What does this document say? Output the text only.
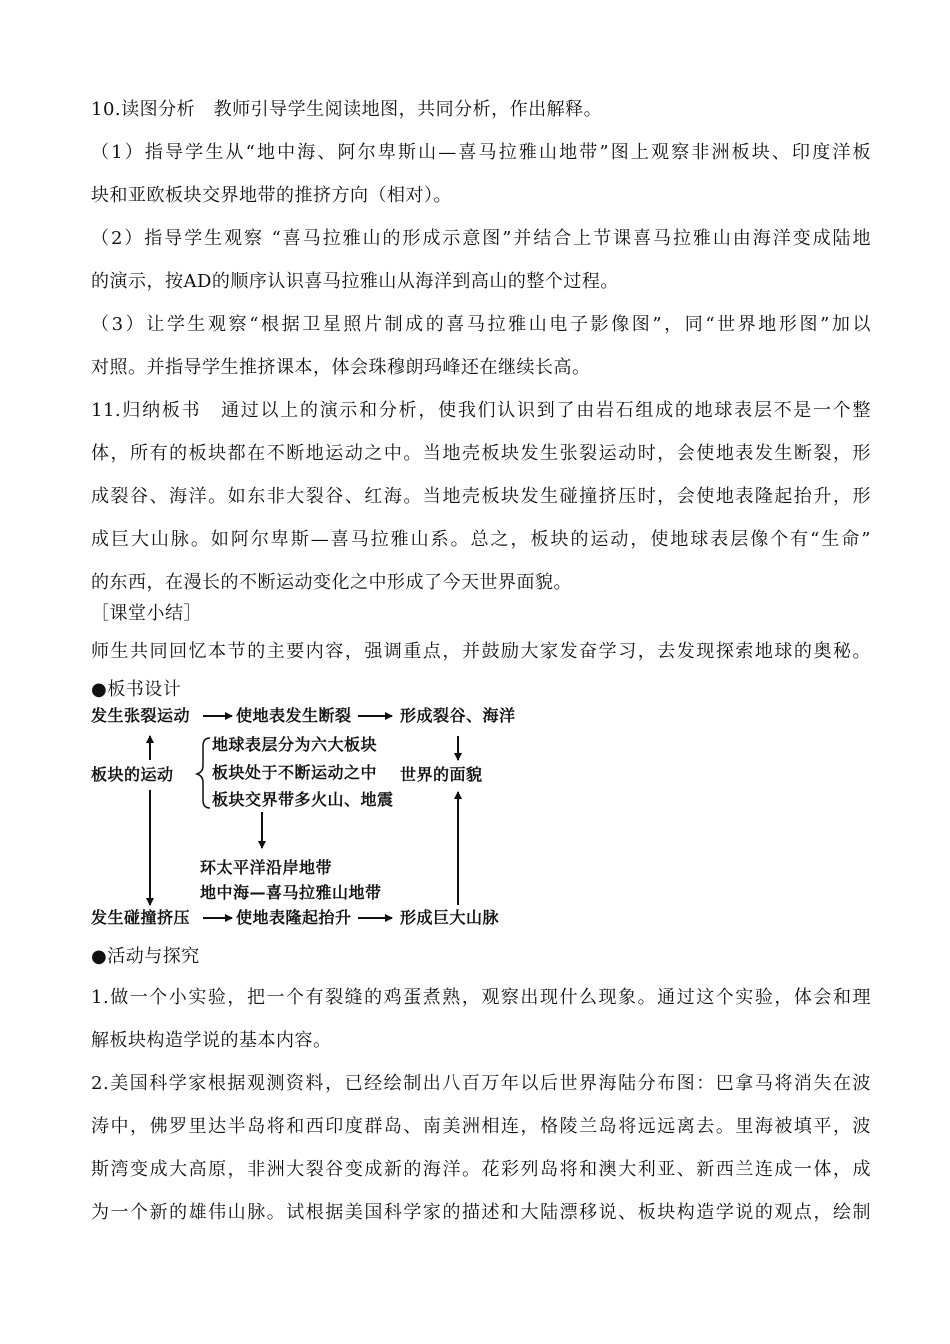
10.读图分析　教师引导学生阅读地图，共同分析，作出解释。
（1）指导学生从“地中海、阿尔卑斯山—喜马拉雅山地带”图上观察非洲板块、印度洋板
块和亚欧板块交界地带的推挤方向（相对）。
（2）指导学生观察 “喜马拉雅山的形成示意图”并结合上节课喜马拉雅山由海洋变成陆地
的演示，按AD的顺序认识喜马拉雅山从海洋到高山的整个过程。
（3）让学生观察“根据卫星照片制成的喜马拉雅山电子影像图”，同“世界地形图”加以
对照。并指导学生推挤课本，体会珠穆朗玛峰还在继续长高。
11.归纳板书　通过以上的演示和分析，使我们认识到了由岩石组成的地球表层不是一个整
体，所有的板块都在不断地运动之中。当地壳板块发生张裂运动时，会使地表发生断裂，形
成裂谷、海洋。如东非大裂谷、红海。当地壳板块发生碰撞挤压时，会使地表隆起抬升，形
成巨大山脉。如阿尔卑斯—喜马拉雅山系。总之，板块的运动，使地球表层像个有“生命”
的东西，在漫长的不断运动变化之中形成了今天世界面貌。
［课堂小结］
师生共同回忆本节的主要内容，强调重点，并鼓励大家发奋学习，去发现探索地球的奥秘。
●板书设计
发生张裂运动	使地表发生断裂	形成裂谷、海洋
板块的运动
地球表层分为六大板块
板块处于不断运动之中
板块交界带多火山、地震
世界的面貌
环太平洋沿岸地带
地中海—喜马拉雅山地带
发生碰撞挤压	使地表隆起抬升	形成巨大山脉
●活动与探究
1.做一个小实验，把一个有裂缝的鸡蛋煮熟，观察出现什么现象。通过这个实验，体会和理
解板块构造学说的基本内容。
2.美国科学家根据观测资料，已经绘制出八百万年以后世界海陆分布图：巴拿马将消失在波
涛中，佛罗里达半岛将和西印度群岛、南美洲相连，格陵兰岛将远远离去。里海被填平，波
斯湾变成大高原，非洲大裂谷变成新的海洋。花彩列岛将和澳大利亚、新西兰连成一体，成
为一个新的雄伟山脉。试根据美国科学家的描述和大陆漂移说、板块构造学说的观点，绘制
